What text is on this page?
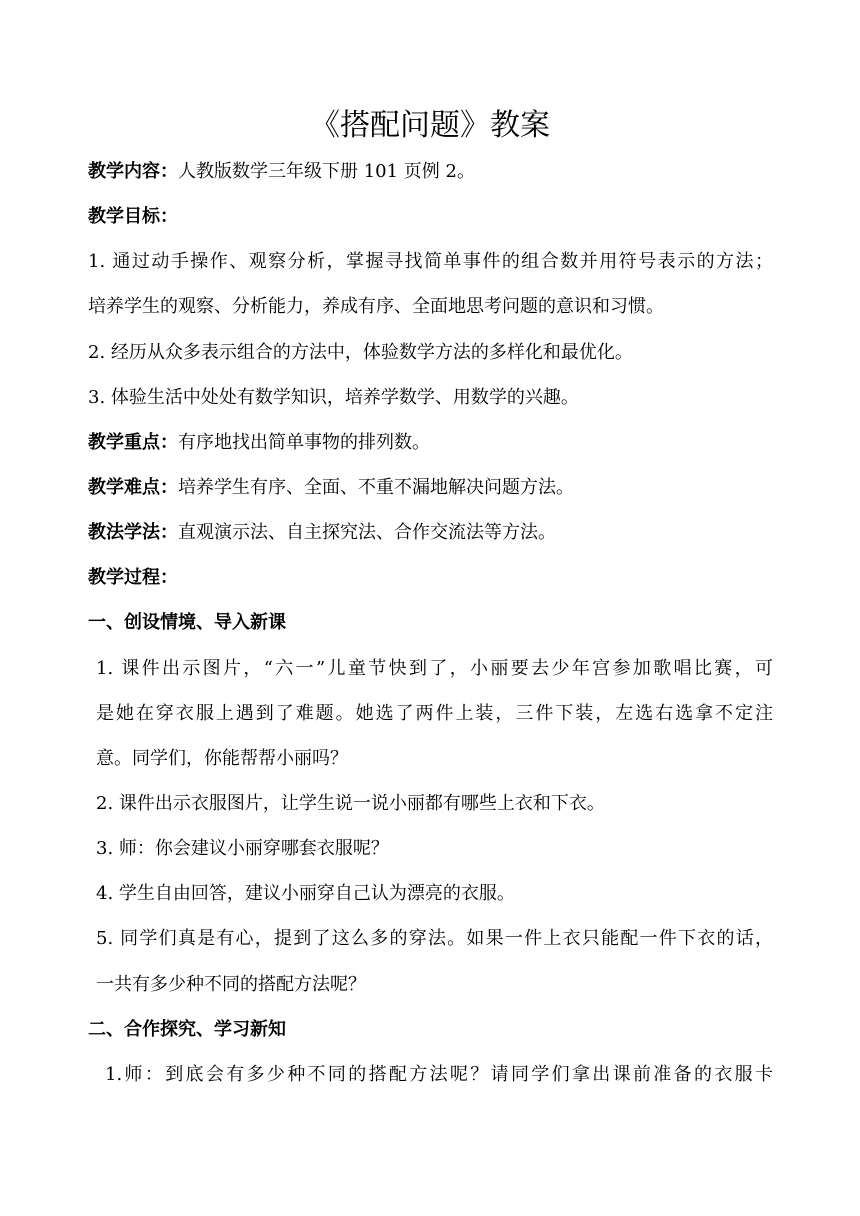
《搭配问题》教案
教学内容：人教版数学三年级下册 101 页例 2。
教学目标：
1. 通过动手操作、观察分析，掌握寻找简单事件的组合数并用符号表示的方法；
培养学生的观察、分析能力，养成有序、全面地思考问题的意识和习惯。
2. 经历从众多表示组合的方法中，体验数学方法的多样化和最优化。
3. 体验生活中处处有数学知识，培养学数学、用数学的兴趣。
教学重点：有序地找出简单事物的排列数。
教学难点：培养学生有序、全面、不重不漏地解决问题方法。
教法学法：直观演示法、自主探究法、合作交流法等方法。
教学过程：
一、创设情境、导入新课
1. 课件出示图片，“六一”儿童节快到了，小丽要去少年宫参加歌唱比赛，可
是她在穿衣服上遇到了难题。她选了两件上装，三件下装，左选右选拿不定注
意。同学们，你能帮帮小丽吗？
2. 课件出示衣服图片，让学生说一说小丽都有哪些上衣和下衣。
3. 师：你会建议小丽穿哪套衣服呢？
4. 学生自由回答，建议小丽穿自己认为漂亮的衣服。
5. 同学们真是有心，提到了这么多的穿法。如果一件上衣只能配一件下衣的话，
一共有多少种不同的搭配方法呢？
二、合作探究、学习新知
1.师：到底会有多少种不同的搭配方法呢？请同学们拿出课前准备的衣服卡
